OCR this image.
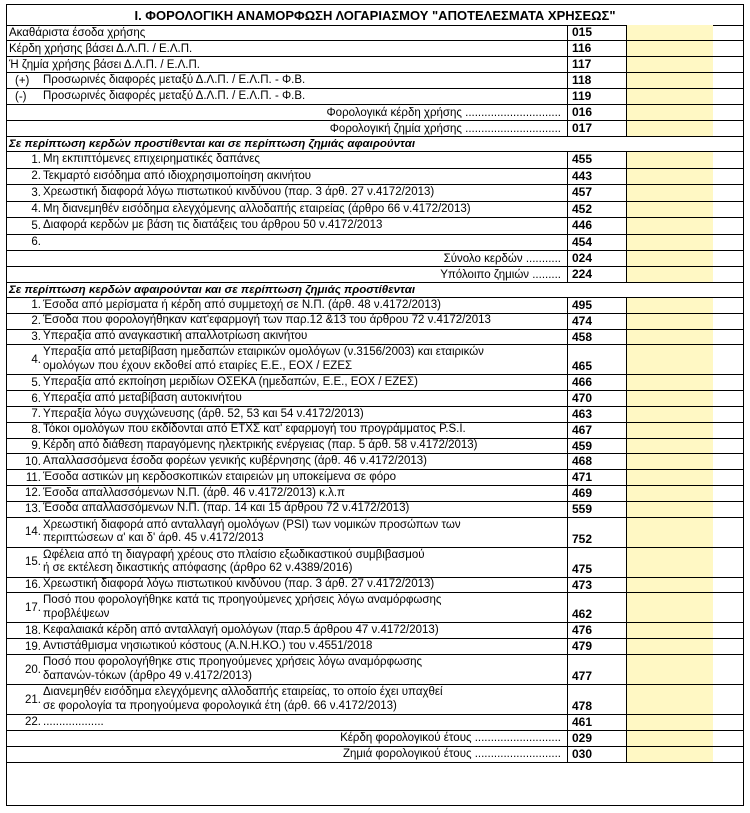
Ι. ΦΟΡΟΛΟΓΙΚΗ ΑΝΑΜΟΡΦΩΣΗ ΛΟΓΑΡΙΑΣΜΟΥ "ΑΠΟΤΕΛΕΣΜΑΤΑ ΧΡΗΣΕΩΣ"
Ακαθάριστα έσοδα χρήσης	015
Κέρδη χρήσης βάσει Δ.Λ.Π. / Ε.Λ.Π.	116
Ή ζημία χρήσης βάσει Δ.Λ.Π. / Ε.Λ.Π.	117
(+) Προσωρινές διαφορές μεταξύ Δ.Λ.Π. / Ε.Λ.Π. - Φ.Β.	118
(-) Προσωρινές διαφορές μεταξύ Δ.Λ.Π. / Ε.Λ.Π. - Φ.Β.	119
Φορολογικά κέρδη χρήσης .............................. 016
Φορολογική ζημία χρήσης .............................. 017
Σε περίπτωση κερδών προστίθενται και σε περίπτωση ζημιάς αφαιρούνται
1. Μη εκπιπτόμενες επιχειρηματικές δαπάνες	455
2. Τεκμαρτό εισόδημα από ιδιοχρησιμοποίηση ακινήτου	443
3. Χρεωστική διαφορά λόγω πιστωτικού κινδύνου (παρ. 3 άρθ. 27 ν.4172/2013)	457
4. Μη διανεμηθέν εισόδημα ελεγχόμενης αλλοδαπής εταιρείας (άρθρο 66 ν.4172/2013)	452
5. Διαφορά κερδών με βάση τις διατάξεις του άρθρου 50 ν.4172/2013	446
6.	454
Σύνολο κερδών ........... 024
Υπόλοιπο ζημιών ......... 224
Σε περίπτωση κερδών αφαιρούνται και σε περίπτωση ζημιάς προστίθενται
1. Έσοδα από μερίσματα ή κέρδη από συμμετοχή σε Ν.Π. (άρθ. 48 ν.4172/2013)	495
2. Έσοδα που φορολογήθηκαν κατ'εφαρμογή των παρ.12 &13 του άρθρου 72 ν.4172/2013	474
3. Υπεραξία από αναγκαστική απαλλοτρίωση ακινήτου	458
4.
Υπεραξία από μεταβίβαση ημεδαπών εταιρικών ομολόγων (ν.3156/2003) και εταιρικών
ομολόγων που έχουν εκδοθεί από εταιρίες Ε.Ε., ΕΟΧ / ΕΖΕΣ	465
5. Υπεραξία από εκποίηση μεριδίων ΟΣΕΚΑ (ημεδαπών, Ε.Ε., ΕΟΧ / ΕΖΕΣ)	466
6. Υπεραξία από μεταβίβαση αυτοκινήτου	470
7. Υπεραξία λόγω συγχώνευσης (άρθ. 52, 53 και 54 ν.4172/2013)	463
8. Τόκοι ομολόγων που εκδίδονται από ΕΤΧΣ κατ' εφαρμογή του προγράμματος P.S.I.	467
9. Κέρδη από διάθεση παραγόμενης ηλεκτρικής ενέργειας (παρ. 5 άρθ. 58 ν.4172/2013)	459
10. Απαλλασσόμενα έσοδα φορέων γενικής κυβέρνησης (άρθ. 46 ν.4172/2013)	468
11. Έσοδα αστικών μη κερδοσκοπικών εταιρειών μη υποκείμενα σε φόρο	471
12. Έσοδα απαλλασσόμενων Ν.Π. (άρθ. 46 ν.4172/2013) κ.λ.π	469
13. Έσοδα απαλλασσόμενων Ν.Π. (παρ. 14 και 15 άρθρου 72 ν.4172/2013)	559
14.
Χρεωστική διαφορά από ανταλλαγή ομολόγων (PSI) των νομικών προσώπων των
περιπτώσεων α' και δ' άρθ. 45 ν.4172/2013	752
15.
Ωφέλεια από τη διαγραφή χρέους στο πλαίσιο εξωδικαστικού συμβιβασμού
ή σε εκτέλεση δικαστικής απόφασης (άρθρο 62 ν.4389/2016)	475
16. Χρεωστική διαφορά λόγω πιστωτικού κινδύνου (παρ. 3 άρθ. 27 ν.4172/2013)	473
17.
Ποσό που φορολογήθηκε κατά τις προηγούμενες χρήσεις λόγω αναμόρφωσης
προβλέψεων	462
18. Κεφαλαιακά κέρδη από ανταλλαγή ομολόγων (παρ.5 άρθρου 47 ν.4172/2013)	476
19. Αντιστάθμισμα νησιωτικού κόστους (Α.Ν.Η.ΚΟ.) του ν.4551/2018	479
20.
Ποσό που φορολογήθηκε στις προηγούμενες χρήσεις λόγω αναμόρφωσης
δαπανών-τόκων (άρθρο 49 ν.4172/2013)	477
21.
Διανεμηθέν εισόδημα ελεγχόμενης αλλοδαπής εταιρείας, το οποίο έχει υπαχθεί
σε φορολογία τα προηγούμενα φορολογικά έτη (άρθ. 66 ν.4172/2013)	478
22. ...................	461
Κέρδη φορολογικού έτους ........................... 029
Ζημιά φορολογικού έτους ........................... 030
